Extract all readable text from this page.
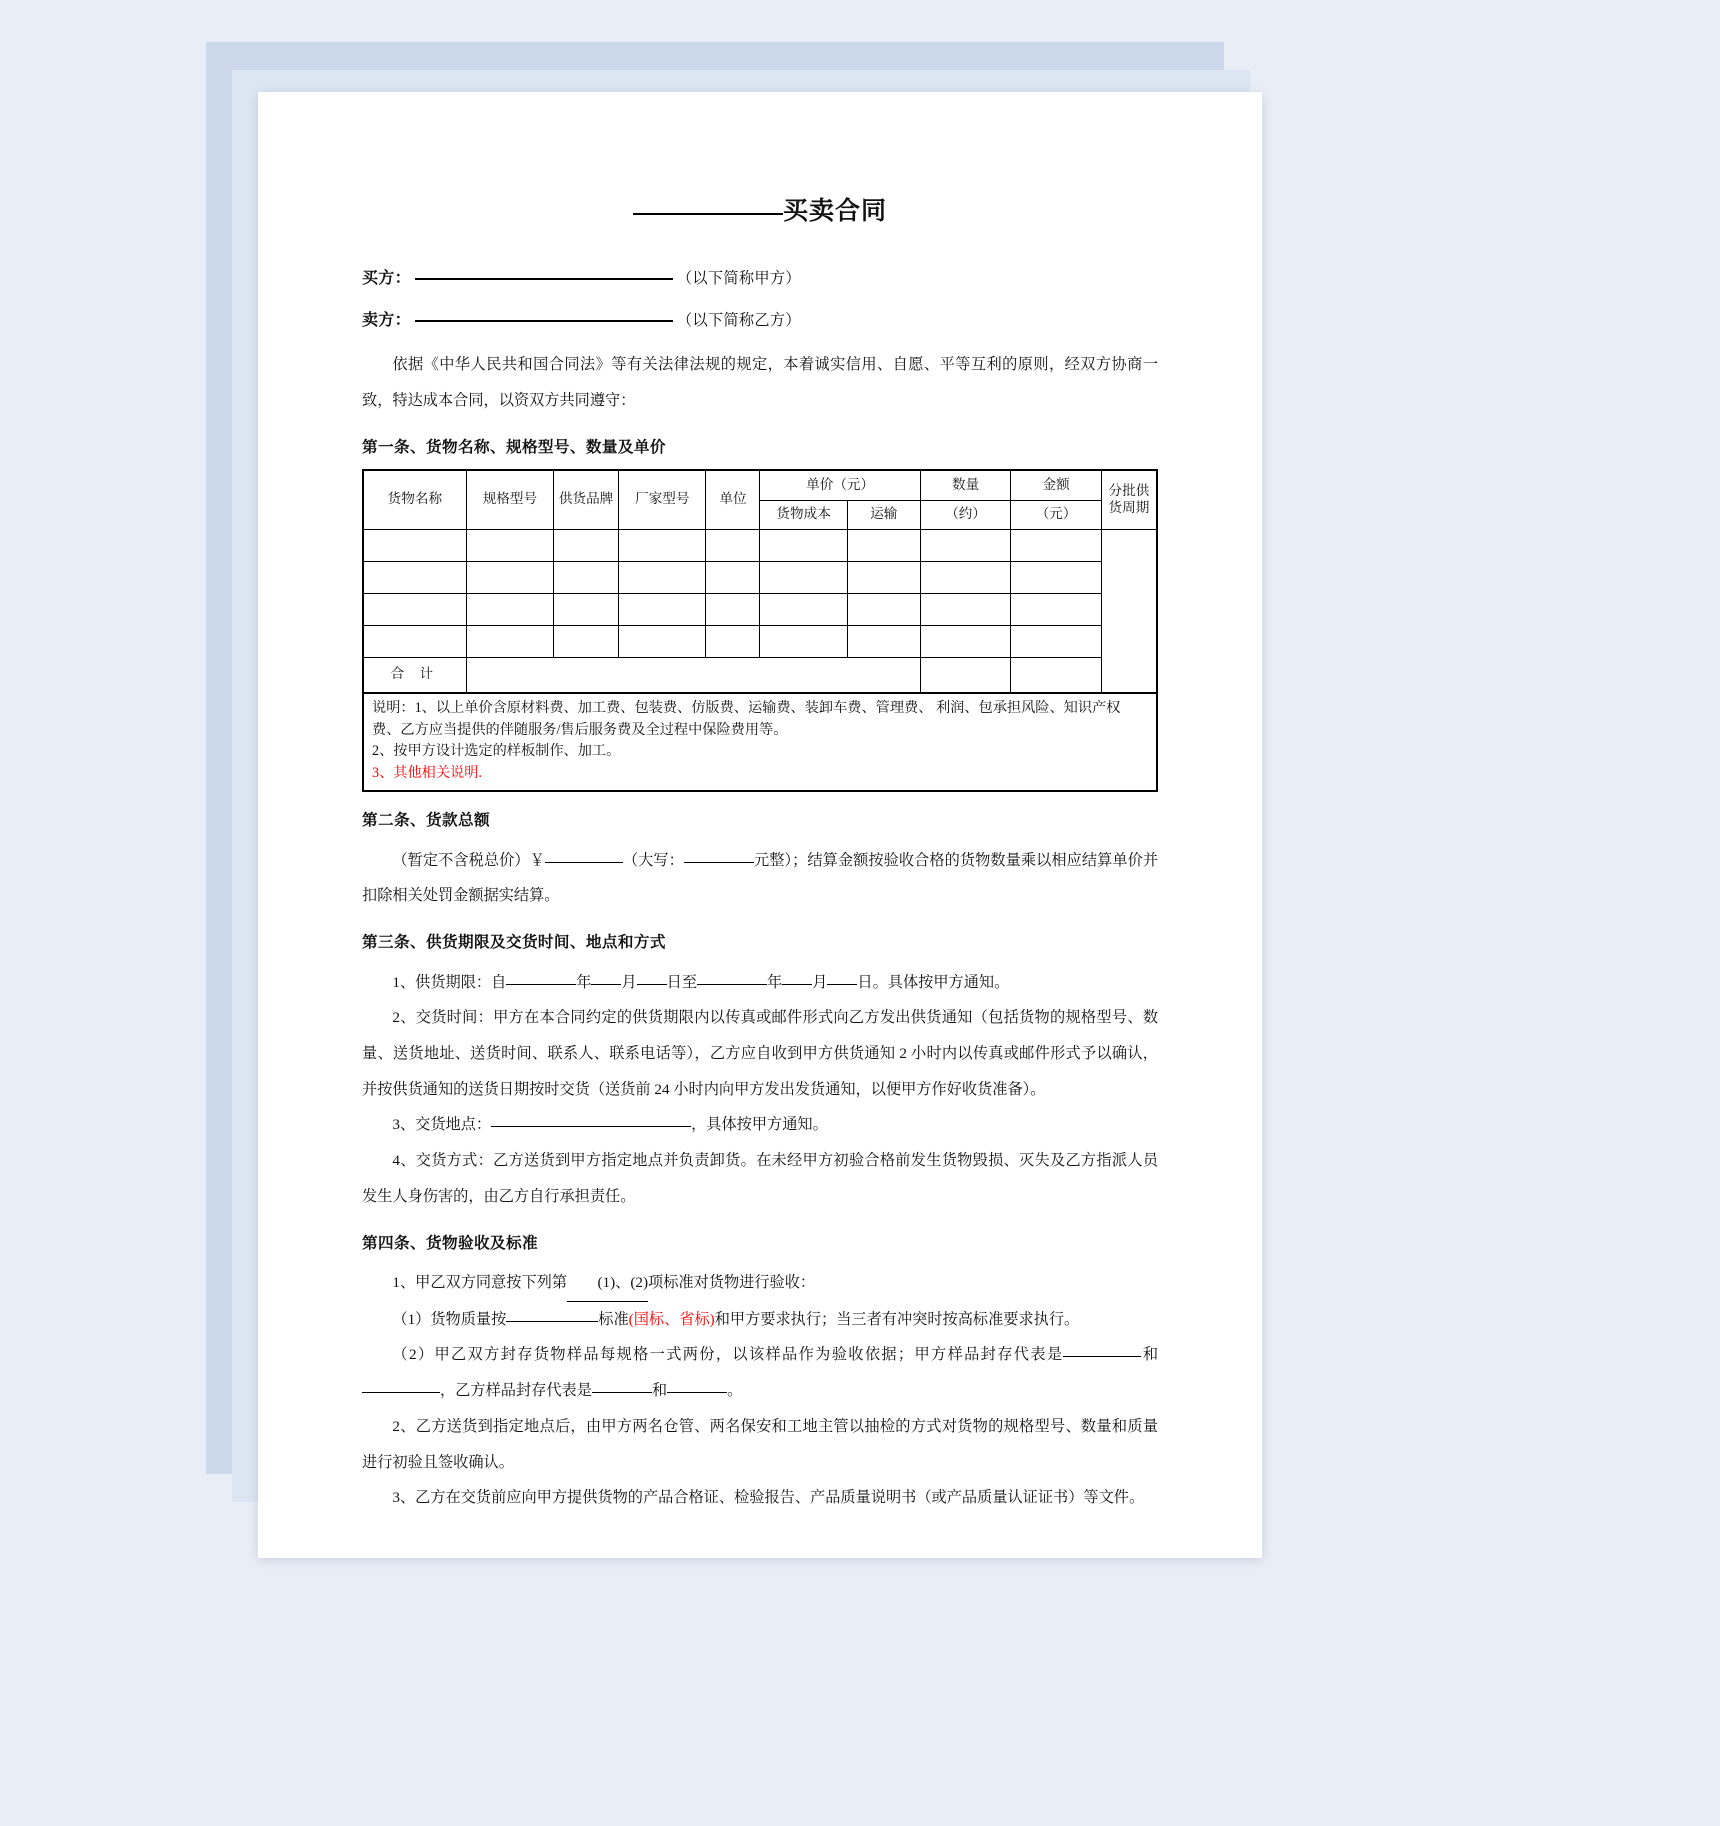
买卖合同
买方：	（以下简称甲方）
卖方：	（以下简称乙方）

依据《中华人民共和国合同法》等有关法律法规的规定，本着诚实信用、自愿、平等互利的原则，经双方协商一致，特达成本合同，以资双方共同遵守：

第一条、货物名称、规格型号、数量及单价
货物名称	规格型号	供货品牌	厂家型号	单位	单价（元）		数量	金额	分批供货周期
					货物成本	运输	（约）	（元）	

合 计									
说明：1、以上单价含原材料费、加工费、包装费、仿版费、运输费、装卸车费、管理费、 利润、包承担风险、知识产权费、乙方应当提供的伴随服务/售后服务费及全过程中保险费用等。
2、按甲方设计选定的样板制作、加工。
3、其他相关说明.
第二条、货款总额

（暂定不含税总价）￥	（大写：	元整）；结算金额按验收合格的货物数量乘以相应结算单价并扣除相关处罚金额据实结算。

第三条、供货期限及交货时间、地点和方式

1、供货期限：自	年 月 日至	年 月 日。具体按甲方通知。

2、交货时间：甲方在本合同约定的供货期限内以传真或邮件形式向乙方发出供货通知（包括货物的规格型号、数量、送货地址、送货时间、联系人、联系电话等），乙方应自收到甲方供货通知 2 小时内以传真或邮件形式予以确认，并按供货通知的送货日期按时交货（送货前 24 小时内向甲方发出发货通知，以便甲方作好收货准备）。

3、交货地点：	，具体按甲方通知。

4、交货方式：乙方送货到甲方指定地点并负责卸货。在未经甲方初验合格前发生货物毁损、灭失及乙方指派人员发生人身伤害的，由乙方自行承担责任。

第四条、货物验收及标准

1、甲乙双方同意按下列第 (1)、(2)项标准对货物进行验收：

（1）货物质量按	标准(国标、省标)和甲方要求执行；当三者有冲突时按高标准要求执行。

（2）甲乙双方封存货物样品每规格一式两份，以该样品作为验收依据；甲方样品封存代表是	和，乙方样品封存代表是	和	。

2、乙方送货到指定地点后，由甲方两名仓管、两名保安和工地主管以抽检的方式对货物的规格型号、数量和质量进行初验且签收确认。

3、乙方在交货前应向甲方提供货物的产品合格证、检验报告、产品质量说明书（或产品质量认证证书）等文件。
